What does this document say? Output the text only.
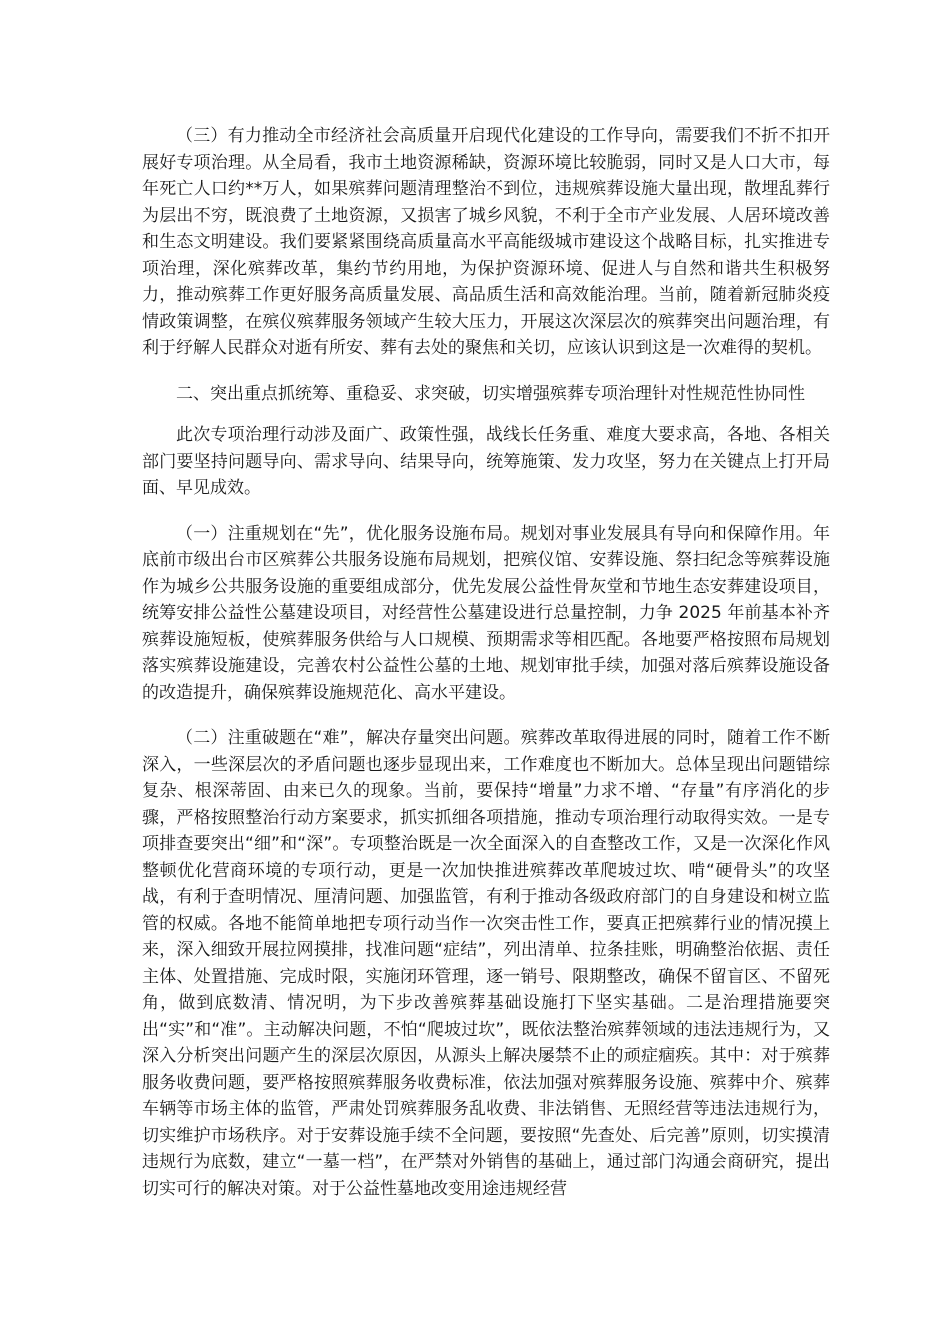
（三）有力推动全市经济社会高质量开启现代化建设的工作导向，需要我们不折不扣开展好专项治理。从全局看，我市土地资源稀缺，资源环境比较脆弱，同时又是人口大市，每年死亡人口约**万人，如果殡葬问题清理整治不到位，违规殡葬设施大量出现，散埋乱葬行为层出不穷，既浪费了土地资源，又损害了城乡风貌，不利于全市产业发展、人居环境改善和生态文明建设。我们要紧紧围绕高质量高水平高能级城市建设这个战略目标，扎实推进专项治理，深化殡葬改革，集约节约用地，为保护资源环境、促进人与自然和谐共生积极努力，推动殡葬工作更好服务高质量发展、高品质生活和高效能治理。当前，随着新冠肺炎疫情政策调整，在殡仪殡葬服务领域产生较大压力，开展这次深层次的殡葬突出问题治理，有利于纾解人民群众对逝有所安、葬有去处的聚焦和关切，应该认识到这是一次难得的契机。

二、突出重点抓统筹、重稳妥、求突破，切实增强殡葬专项治理针对性规范性协同性

此次专项治理行动涉及面广、政策性强，战线长任务重、难度大要求高，各地、各相关部门要坚持问题导向、需求导向、结果导向，统筹施策、发力攻坚，努力在关键点上打开局面、早见成效。

（一）注重规划在“先”，优化服务设施布局。规划对事业发展具有导向和保障作用。年底前市级出台市区殡葬公共服务设施布局规划，把殡仪馆、安葬设施、祭扫纪念等殡葬设施作为城乡公共服务设施的重要组成部分，优先发展公益性骨灰堂和节地生态安葬建设项目，统筹安排公益性公墓建设项目，对经营性公墓建设进行总量控制，力争 2025 年前基本补齐殡葬设施短板，使殡葬服务供给与人口规模、预期需求等相匹配。各地要严格按照布局规划落实殡葬设施建设，完善农村公益性公墓的土地、规划审批手续，加强对落后殡葬设施设备的改造提升，确保殡葬设施规范化、高水平建设。

（二）注重破题在“难”，解决存量突出问题。殡葬改革取得进展的同时，随着工作不断深入，一些深层次的矛盾问题也逐步显现出来，工作难度也不断加大。总体呈现出问题错综复杂、根深蒂固、由来已久的现象。当前，要保持“增量”力求不增、“存量”有序消化的步骤，严格按照整治行动方案要求，抓实抓细各项措施，推动专项治理行动取得实效。一是专项排查要突出“细”和“深”。专项整治既是一次全面深入的自查整改工作，又是一次深化作风整顿优化营商环境的专项行动，更是一次加快推进殡葬改革爬坡过坎、啃“硬骨头”的攻坚战，有利于查明情况、厘清问题、加强监管，有利于推动各级政府部门的自身建设和树立监管的权威。各地不能简单地把专项行动当作一次突击性工作，要真正把殡葬行业的情况摸上来，深入细致开展拉网摸排，找准问题“症结”，列出清单、拉条挂账，明确整治依据、责任主体、处置措施、完成时限，实施闭环管理，逐一销号、限期整改，确保不留盲区、不留死角，做到底数清、情况明，为下步改善殡葬基础设施打下坚实基础。二是治理措施要突出“实”和“准”。主动解决问题，不怕“爬坡过坎”，既依法整治殡葬领域的违法违规行为，又深入分析突出问题产生的深层次原因，从源头上解决屡禁不止的顽症痼疾。其中：对于殡葬服务收费问题，要严格按照殡葬服务收费标准，依法加强对殡葬服务设施、殡葬中介、殡葬车辆等市场主体的监管，严肃处罚殡葬服务乱收费、非法销售、无照经营等违法违规行为，切实维护市场秩序。对于安葬设施手续不全问题，要按照“先查处、后完善”原则，切实摸清违规行为底数，建立“一墓一档”，在严禁对外销售的基础上，通过部门沟通会商研究，提出切实可行的解决对策。对于公益性墓地改变用途违规经营
